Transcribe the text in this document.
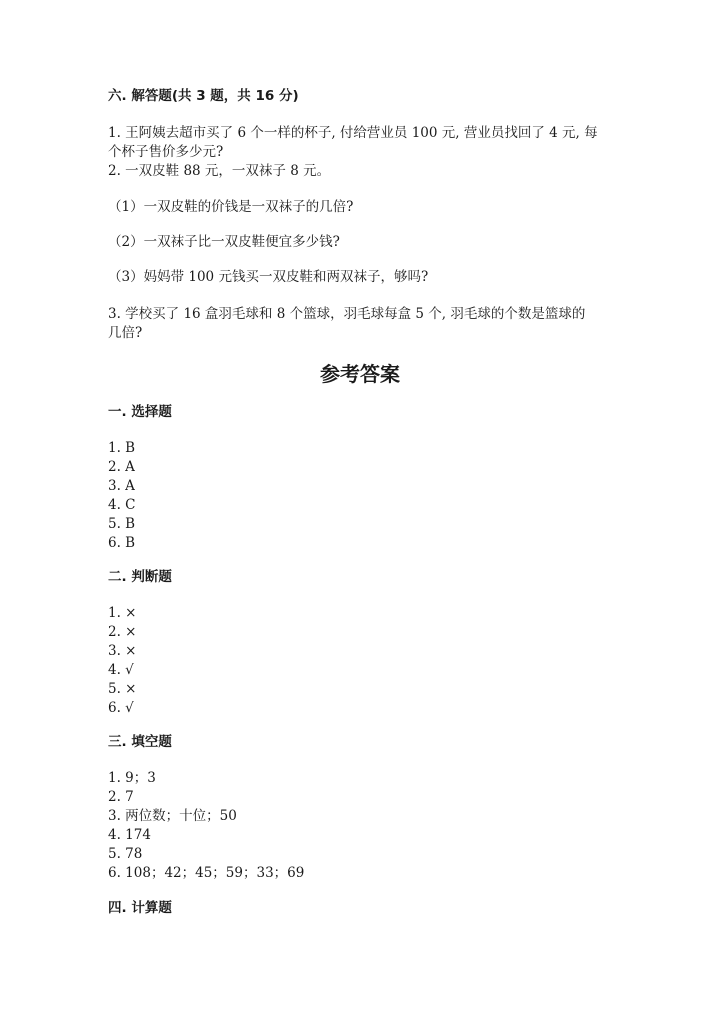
六. 解答题(共 3 题，共 16 分)
1. 王阿姨去超市买了 6 个一样的杯子, 付给营业员 100 元, 营业员找回了 4 元, 每
个杯子售价多少元?
2. 一双皮鞋 88 元，一双袜子 8 元。
（1）一双皮鞋的价钱是一双袜子的几倍?
（2）一双袜子比一双皮鞋便宜多少钱?
（3）妈妈带 100 元钱买一双皮鞋和两双袜子，够吗?
3. 学校买了 16 盒羽毛球和 8 个篮球，羽毛球每盒 5 个, 羽毛球的个数是篮球的
几倍?
参考答案
一. 选择题
1. B
2. A
3. A
4. C
5. B
6. B
二. 判断题
1. ×
2. ×
3. ×
4. √
5. ×
6. √
三. 填空题
1. 9；3
2. 7
3. 两位数；十位；50
4. 174
5. 78
6. 108；42；45；59；33；69
四. 计算题
